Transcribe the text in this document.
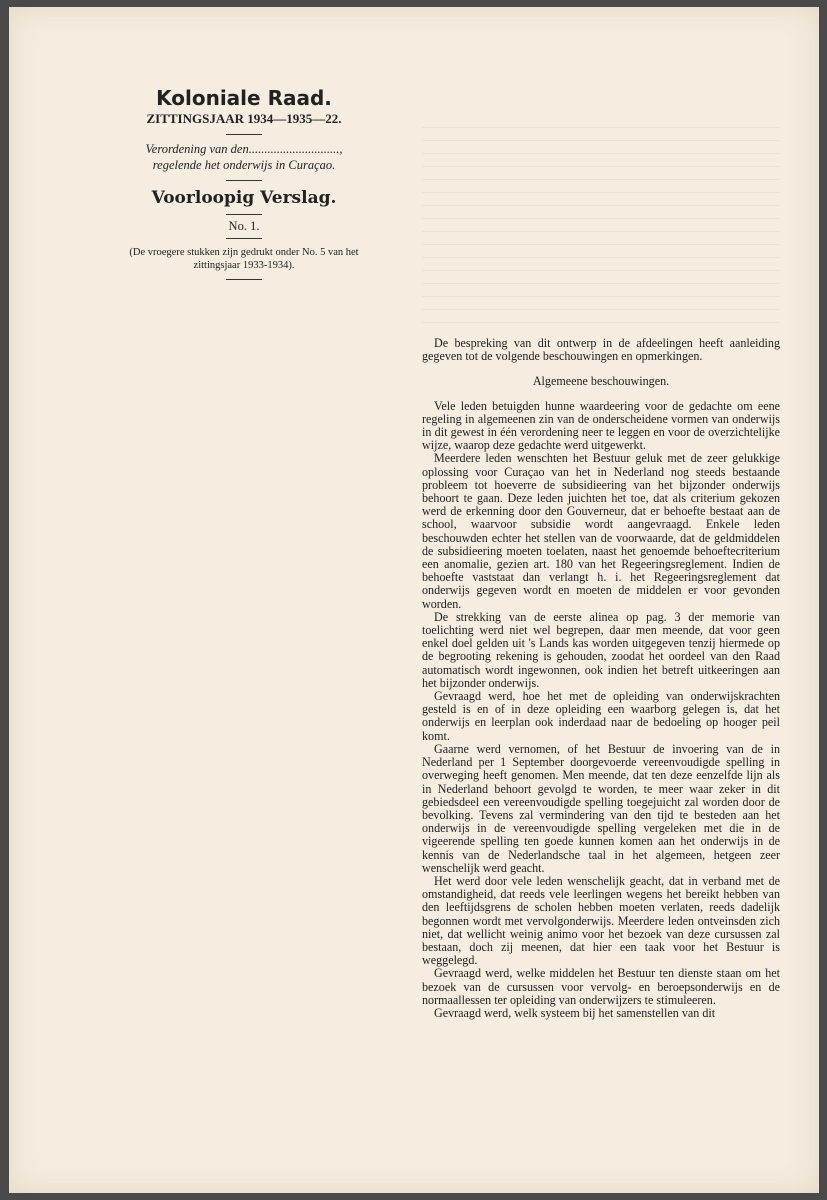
Koloniale Raad.
ZITTINGSJAAR 1934—1935—22.
Verordening van den.............................,
regelende het onderwijs in Curaçao.
Voorloopig Verslag.
No. 1.
(De vroegere stukken zijn gedrukt onder No. 5 van het zittingsjaar 1933-1934).

De bespreking van dit ontwerp in de afdeelingen heeft aanleiding gegeven tot de volgende beschouwingen en opmerkingen.

Algemeene beschouwingen.

Vele leden betuigden hunne waardeering voor de gedachte om eene regeling in algemeenen zin van de onderscheidene vormen van onderwijs in dit gewest in één verordening neer te leggen en voor de overzichtelijke wijze, waarop deze gedachte werd uitgewerkt.

Meerdere leden wenschten het Bestuur geluk met de zeer gelukkige oplossing voor Curaçao van het in Nederland nog steeds bestaande probleem tot hoeverre de subsidieering van het bijzonder onderwijs behoort te gaan. Deze leden juichten het toe, dat als criterium gekozen werd de erkenning door den Gouverneur, dat er behoefte bestaat aan de school, waarvoor subsidie wordt aangevraagd. Enkele leden beschouwden echter het stellen van de voorwaarde, dat de geldmiddelen de subsidieering moeten toelaten, naast het genoemde behoeftecriterium een anomalie, gezien art. 180 van het Regeeringsreglement. Indien de behoefte vaststaat dan verlangt h. i. het Regeeringsreglement dat onderwijs gegeven wordt en moeten de middelen er voor gevonden worden.

De strekking van de eerste alinea op pag. 3 der memorie van toelichting werd niet wel begrepen, daar men meende, dat voor geen enkel doel gelden uit 's Lands kas worden uitgegeven tenzij hiermede op de begrooting rekening is gehouden, zoodat het oordeel van den Raad automatisch wordt ingewonnen, ook indien het betreft uitkeeringen aan het bijzonder onderwijs.

Gevraagd werd, hoe het met de opleiding van onderwijskrachten gesteld is en of in deze opleiding een waarborg gelegen is, dat het onderwijs en leerplan ook inderdaad naar de bedoeling op hooger peil komt.

Gaarne werd vernomen, of het Bestuur de invoering van de in Nederland per 1 September doorgevoerde vereenvoudigde spelling in overweging heeft genomen. Men meende, dat ten deze eenzelfde lijn als in Nederland behoort gevolgd te worden, te meer waar zeker in dit gebiedsdeel een vereenvoudigde spelling toegejuicht zal worden door de bevolking. Tevens zal vermindering van den tijd te besteden aan het onderwijs in de vereenvoudigde spelling vergeleken met die in de vigeerende spelling ten goede kunnen komen aan het onderwijs in de kennis van de Nederlandsche taal in het algemeen, hetgeen zeer wenschelijk werd geacht.

Het werd door vele leden wenschelijk geacht, dat in verband met de omstandigheid, dat reeds vele leerlingen wegens het bereikt hebben van den leeftijdsgrens de scholen hebben moeten verlaten, reeds dadelijk begonnen wordt met vervolgonderwijs. Meerdere leden ontveinsden zich niet, dat wellicht weinig animo voor het bezoek van deze cursussen zal bestaan, doch zij meenen, dat hier een taak voor het Bestuur is weggelegd.

Gevraagd werd, welke middelen het Bestuur ten dienste staan om het bezoek van de cursussen voor vervolg- en beroepsonderwijs en de normaallessen ter opleiding van onderwijzers te stimuleeren.

Gevraagd werd, welk systeem bij het samenstellen van dit
